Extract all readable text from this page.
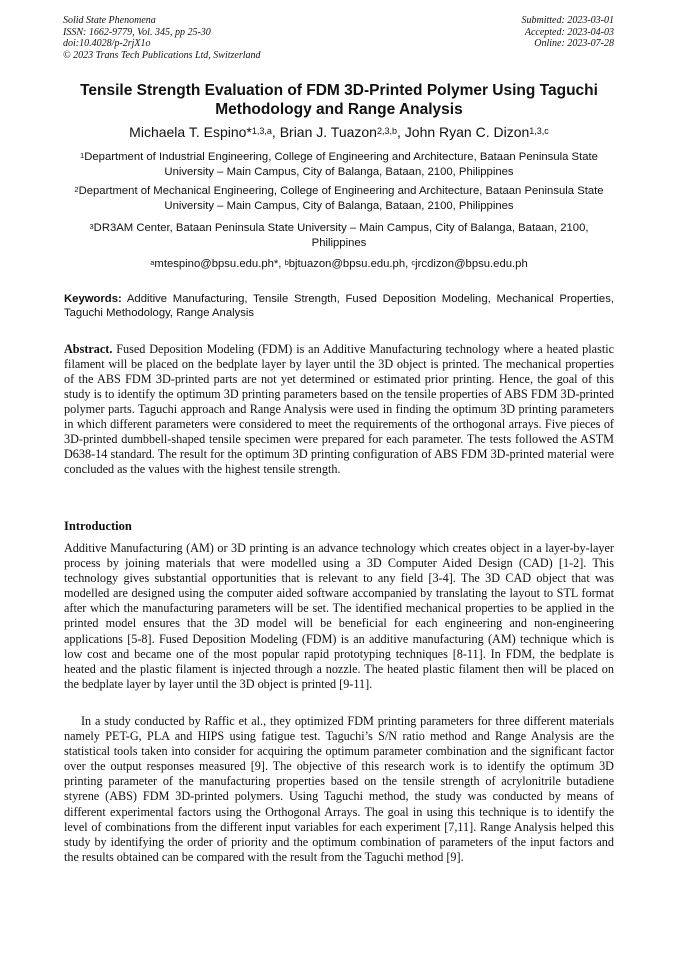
Solid State Phenomena
ISSN: 1662-9779, Vol. 345, pp 25-30
doi:10.4028/p-2rjX1o
© 2023 Trans Tech Publications Ltd, Switzerland
Submitted: 2023-03-01
Accepted: 2023-04-03
Online: 2023-07-28
Tensile Strength Evaluation of FDM 3D-Printed Polymer Using Taguchi Methodology and Range Analysis
Michaela T. Espino*$^{1,3,a}$, Brian J. Tuazon$^{2,3,b}$, John Ryan C. Dizon$^{1,3,c}$
$^1$Department of Industrial Engineering, College of Engineering and Architecture, Bataan Peninsula State University – Main Campus, City of Balanga, Bataan, 2100, Philippines
$^2$Department of Mechanical Engineering, College of Engineering and Architecture, Bataan Peninsula State University – Main Campus, City of Balanga, Bataan, 2100, Philippines
$^3$DR3AM Center, Bataan Peninsula State University – Main Campus, City of Balanga, Bataan, 2100, Philippines
$^a$mtespino@bpsu.edu.ph*, $^b$bjtuazon@bpsu.edu.ph, $^c$jrcdizon@bpsu.edu.ph
Keywords: Additive Manufacturing, Tensile Strength, Fused Deposition Modeling, Mechanical Properties, Taguchi Methodology, Range Analysis
Abstract. Fused Deposition Modeling (FDM) is an Additive Manufacturing technology where a heated plastic filament will be placed on the bedplate layer by layer until the 3D object is printed. The mechanical properties of the ABS FDM 3D-printed parts are not yet determined or estimated prior printing. Hence, the goal of this study is to identify the optimum 3D printing parameters based on the tensile properties of ABS FDM 3D-printed polymer parts. Taguchi approach and Range Analysis were used in finding the optimum 3D printing parameters in which different parameters were considered to meet the requirements of the orthogonal arrays. Five pieces of 3D-printed dumbbell-shaped tensile specimen were prepared for each parameter. The tests followed the ASTM D638-14 standard. The result for the optimum 3D printing configuration of ABS FDM 3D-printed material were concluded as the values with the highest tensile strength.
Introduction
Additive Manufacturing (AM) or 3D printing is an advance technology which creates object in a layer-by-layer process by joining materials that were modelled using a 3D Computer Aided Design (CAD) [1-2]. This technology gives substantial opportunities that is relevant to any field [3-4]. The 3D CAD object that was modelled are designed using the computer aided software accompanied by translating the layout to STL format after which the manufacturing parameters will be set. The identified mechanical properties to be applied in the printed model ensures that the 3D model will be beneficial for each engineering and non-engineering applications [5-8]. Fused Deposition Modeling (FDM) is an additive manufacturing (AM) technique which is low cost and became one of the most popular rapid prototyping techniques [8-11]. In FDM, the bedplate is heated and the plastic filament is injected through a nozzle. The heated plastic filament then will be placed on the bedplate layer by layer until the 3D object is printed [9-11].
In a study conducted by Raffic et al., they optimized FDM printing parameters for three different materials namely PET-G, PLA and HIPS using fatigue test. Taguchi’s S/N ratio method and Range Analysis are the statistical tools taken into consider for acquiring the optimum parameter combination and the significant factor over the output responses measured [9]. The objective of this research work is to identify the optimum 3D printing parameter of the manufacturing properties based on the tensile strength of acrylonitrile butadiene styrene (ABS) FDM 3D-printed polymers. Using Taguchi method, the study was conducted by means of different experimental factors using the Orthogonal Arrays. The goal in using this technique is to identify the level of combinations from the different input variables for each experiment [7,11]. Range Analysis helped this study by identifying the order of priority and the optimum combination of parameters of the input factors and the results obtained can be compared with the result from the Taguchi method [9].
